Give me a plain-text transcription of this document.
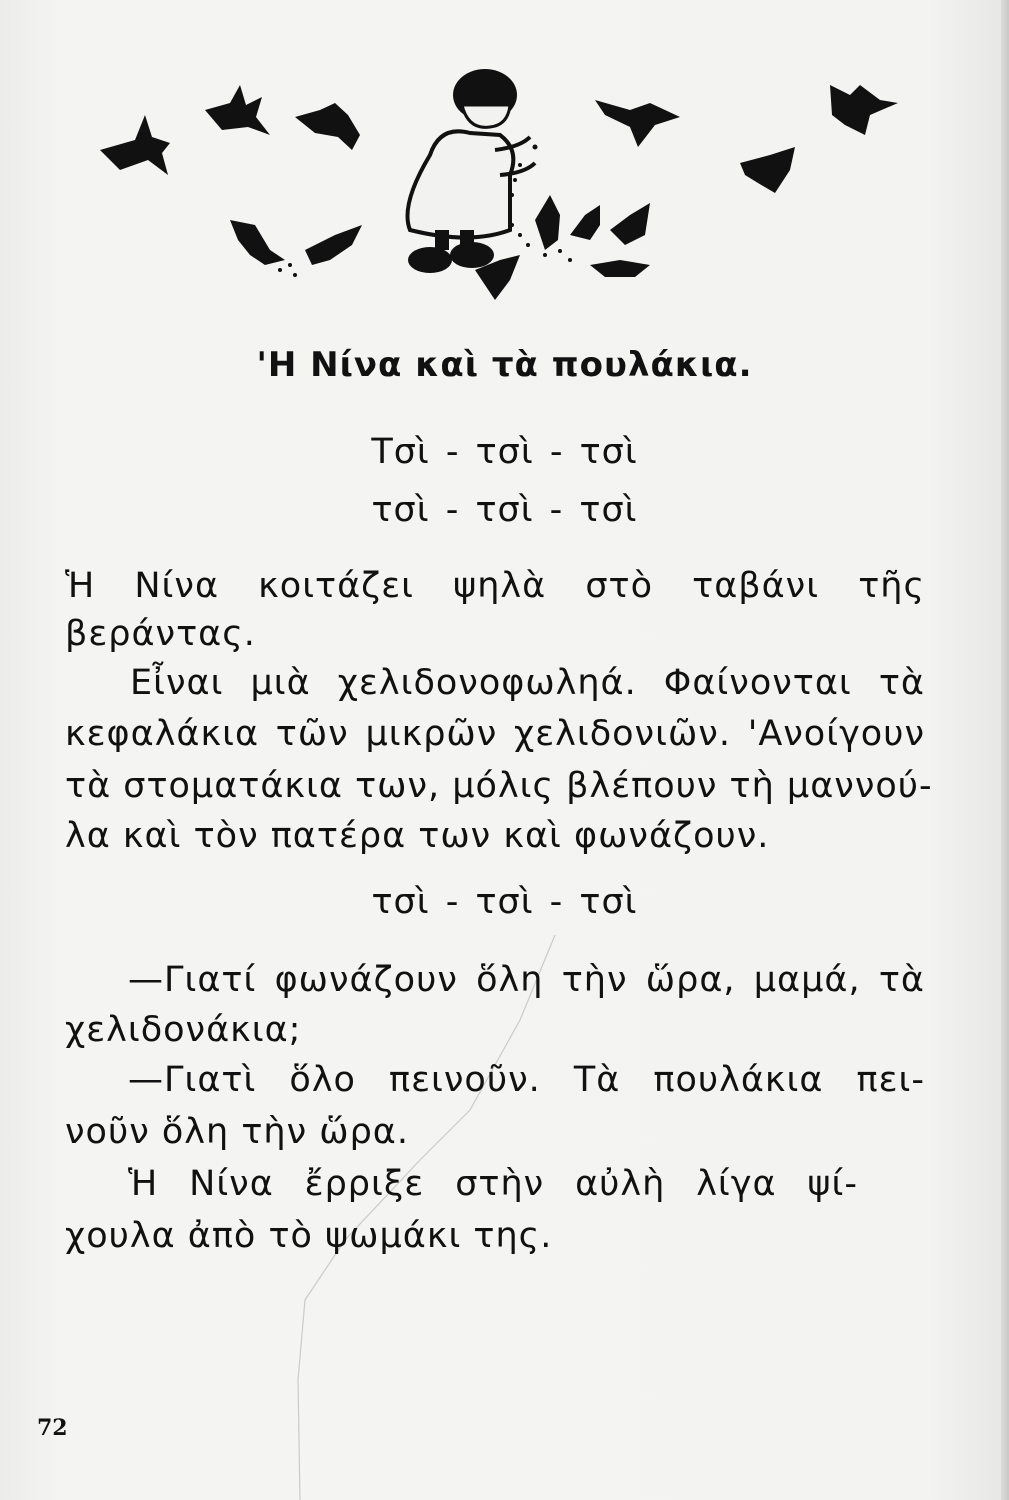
'Η Νίνα καὶ τὰ πουλάκια.
Τσὶ - τσὶ - τσὶ
τσὶ - τσὶ - τσὶ
Ἡ Νίνα κοιτάζει ψηλὰ στὸ ταβάνι τῆς
βεράντας.
Εἶναι μιὰ χελιδονοφωληά. Φαίνονται τὰ
κεφαλάκια τῶν μικρῶν χελιδονιῶν. 'Ανοίγουν
τὰ στοματάκια των, μόλις βλέπουν τὴ μαννού-
λα καὶ τὸν πατέρα των καὶ φωνάζουν.
τσὶ - τσὶ - τσὶ
—Γιατί φωνάζουν ὅλη τὴν ὥρα, μαμά, τὰ
χελιδονάκια;
—Γιατὶ ὅλο πεινοῦν. Τὰ πουλάκια πει-
νοῦν ὅλη τὴν ὥρα.
Ἡ Νίνα ἔρριξε στὴν αὐλὴ λίγα ψί-
χουλα ἀπὸ τὸ ψωμάκι της.
72
